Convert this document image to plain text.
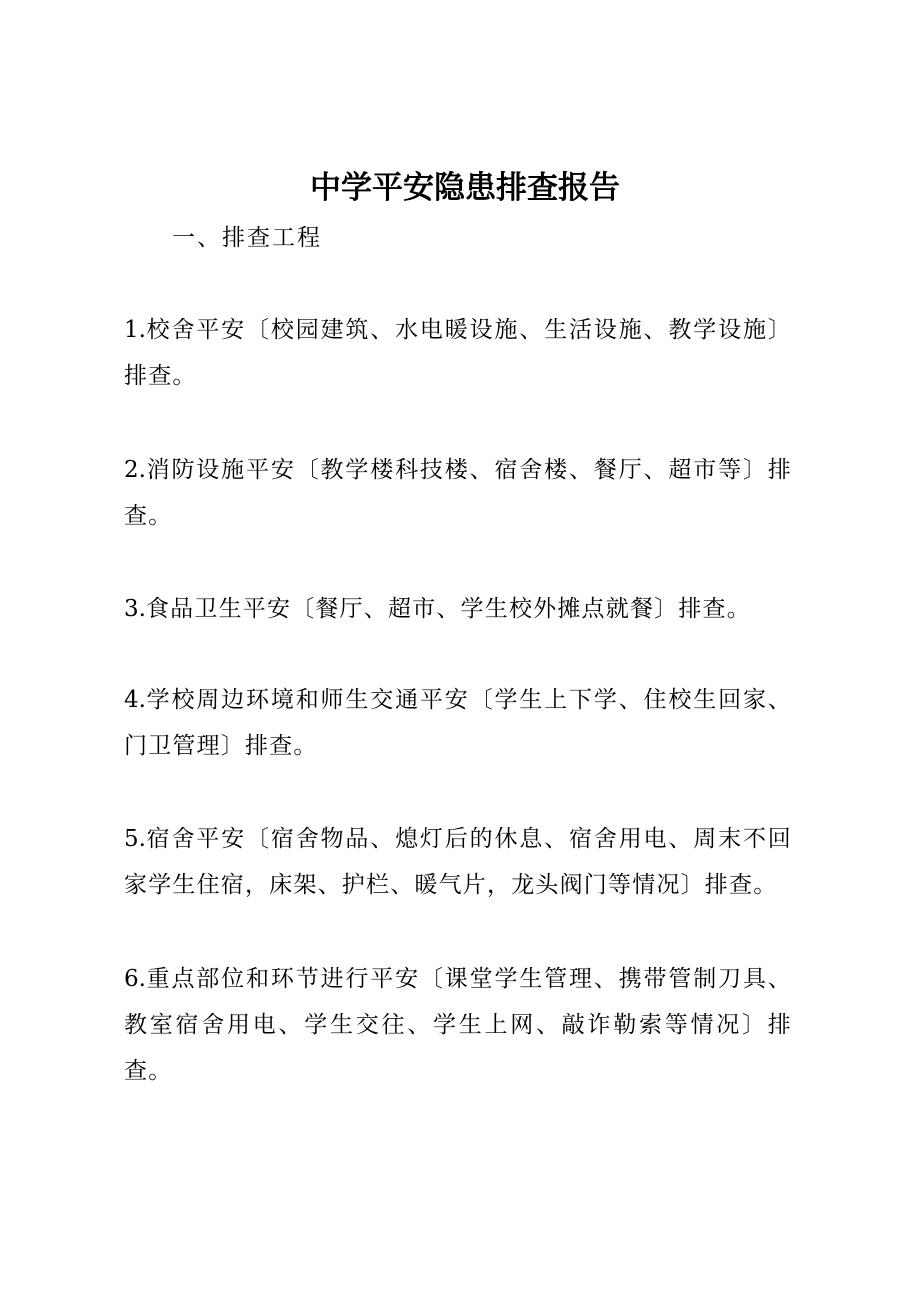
中学平安隐患排查报告
一、排查工程
1.校舍平安〔校园建筑、水电暖设施、生活设施、教学设施〕排查。
2.消防设施平安〔教学楼科技楼、宿舍楼、餐厅、超市等〕排查。
3.食品卫生平安〔餐厅、超市、学生校外摊点就餐〕排查。
4.学校周边环境和师生交通平安〔学生上下学、住校生回家、门卫管理〕排查。
5.宿舍平安〔宿舍物品、熄灯后的休息、宿舍用电、周末不回家学生住宿，床架、护栏、暖气片，龙头阀门等情况〕排查。
6.重点部位和环节进行平安〔课堂学生管理、携带管制刀具、教室宿舍用电、学生交往、学生上网、敲诈勒索等情况〕排查。
